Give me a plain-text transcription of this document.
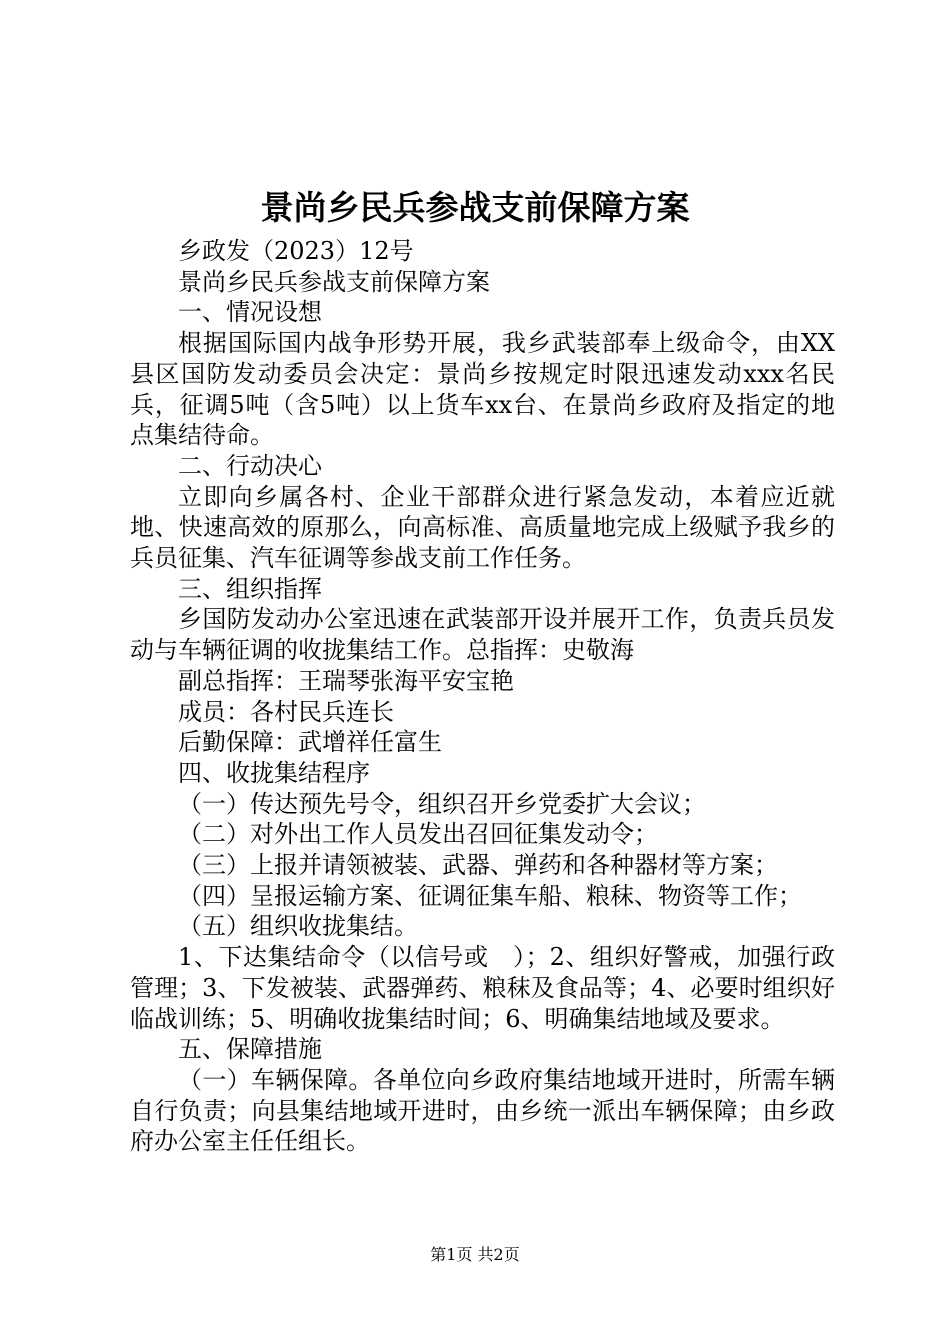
景尚乡民兵参战支前保障方案

乡政发（2023）12号

景尚乡民兵参战支前保障方案

一、情况设想

根据国际国内战争形势开展，我乡武装部奉上级命令，由XX县区国防发动委员会决定：景尚乡按规定时限迅速发动xxx名民兵，征调5吨（含5吨）以上货车xx台、在景尚乡政府及指定的地点集结待命。

二、行动决心

立即向乡属各村、企业干部群众进行紧急发动，本着应近就地、快速高效的原那么，向高标准、高质量地完成上级赋予我乡的兵员征集、汽车征调等参战支前工作任务。

三、组织指挥

乡国防发动办公室迅速在武装部开设并展开工作，负责兵员发动与车辆征调的收拢集结工作。总指挥：史敬海

副总指挥：王瑞琴张海平安宝艳

成员：各村民兵连长

后勤保障：武增祥任富生

四、收拢集结程序

（一）传达预先号令，组织召开乡党委扩大会议；

（二）对外出工作人员发出召回征集发动令；

（三）上报并请领被装、武器、弹药和各种器材等方案；

（四）呈报运输方案、征调征集车船、粮秣、物资等工作；

（五）组织收拢集结。

1、下达集结命令（以信号或　）；2、组织好警戒，加强行政管理；3、下发被装、武器弹药、粮秣及食品等；4、必要时组织好临战训练；5、明确收拢集结时间；6、明确集结地域及要求。

五、保障措施

（一）车辆保障。各单位向乡政府集结地域开进时，所需车辆自行负责；向县集结地域开进时，由乡统一派出车辆保障；由乡政府办公室主任任组长。

第1页 共2页
